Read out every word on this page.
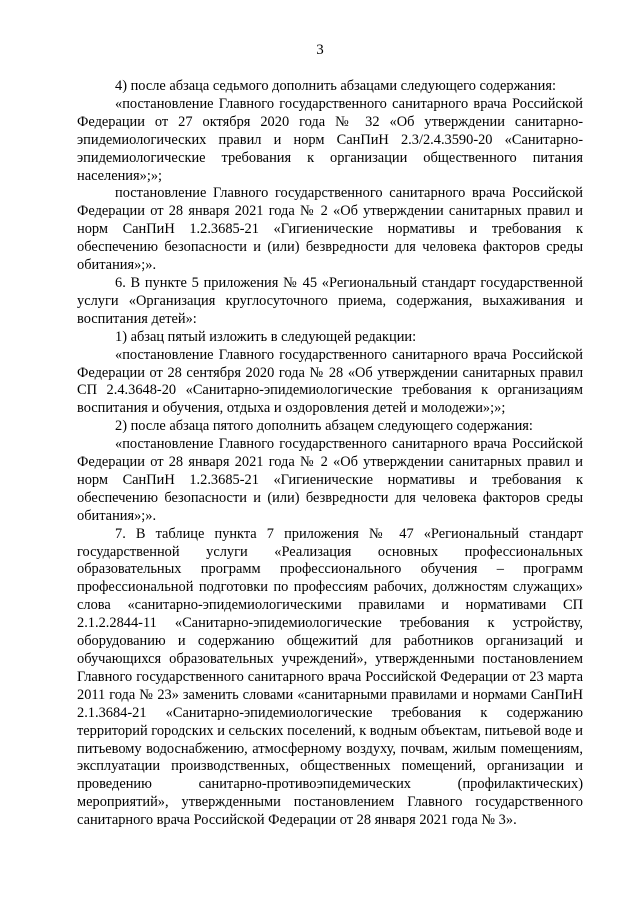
3

4) после абзаца седьмого дополнить абзацами следующего содержания:

«постановление Главного государственного санитарного врача Российской Федерации от 27 октября 2020 года № 32 «Об утверждении санитарно-эпидемиологических правил и норм СанПиН 2.3/2.4.3590-20 «Санитарно-эпидемиологические требования к организации общественного питания населения»;»;

постановление Главного государственного санитарного врача Российской Федерации от 28 января 2021 года № 2 «Об утверждении санитарных правил и норм СанПиН 1.2.3685-21 «Гигиенические нормативы и требования к обеспечению безопасности и (или) безвредности для человека факторов среды обитания»;».

6. В пункте 5 приложения № 45 «Региональный стандарт государственной услуги «Организация круглосуточного приема, содержания, выхаживания и воспитания детей»:

1) абзац пятый изложить в следующей редакции:

«постановление Главного государственного санитарного врача Российской Федерации от 28 сентября 2020 года № 28 «Об утверждении санитарных правил СП 2.4.3648-20 «Санитарно-эпидемиологические требования к организациям воспитания и обучения, отдыха и оздоровления детей и молодежи»;»;

2) после абзаца пятого дополнить абзацем следующего содержания:

«постановление Главного государственного санитарного врача Российской Федерации от 28 января 2021 года № 2 «Об утверждении санитарных правил и норм СанПиН 1.2.3685-21 «Гигиенические нормативы и требования к обеспечению безопасности и (или) безвредности для человека факторов среды обитания»;».

7. В таблице пункта 7 приложения № 47 «Региональный стандарт государственной услуги «Реализация основных профессиональных образовательных программ профессионального обучения – программ профессиональной подготовки по профессиям рабочих, должностям служащих» слова «санитарно-эпидемиологическими правилами и нормативами СП 2.1.2.2844-11 «Санитарно-эпидемиологические требования к устройству, оборудованию и содержанию общежитий для работников организаций и обучающихся образовательных учреждений», утвержденными постановлением Главного государственного санитарного врача Российской Федерации от 23 марта 2011 года № 23» заменить словами «санитарными правилами и нормами СанПиН 2.1.3684-21 «Санитарно-эпидемиологические требования к содержанию территорий городских и сельских поселений, к водным объектам, питьевой воде и питьевому водоснабжению, атмосферному воздуху, почвам, жилым помещениям, эксплуатации производственных, общественных помещений, организации и проведению санитарно-противоэпидемических (профилактических) мероприятий», утвержденными постановлением Главного государственного санитарного врача Российской Федерации от 28 января 2021 года № 3».
